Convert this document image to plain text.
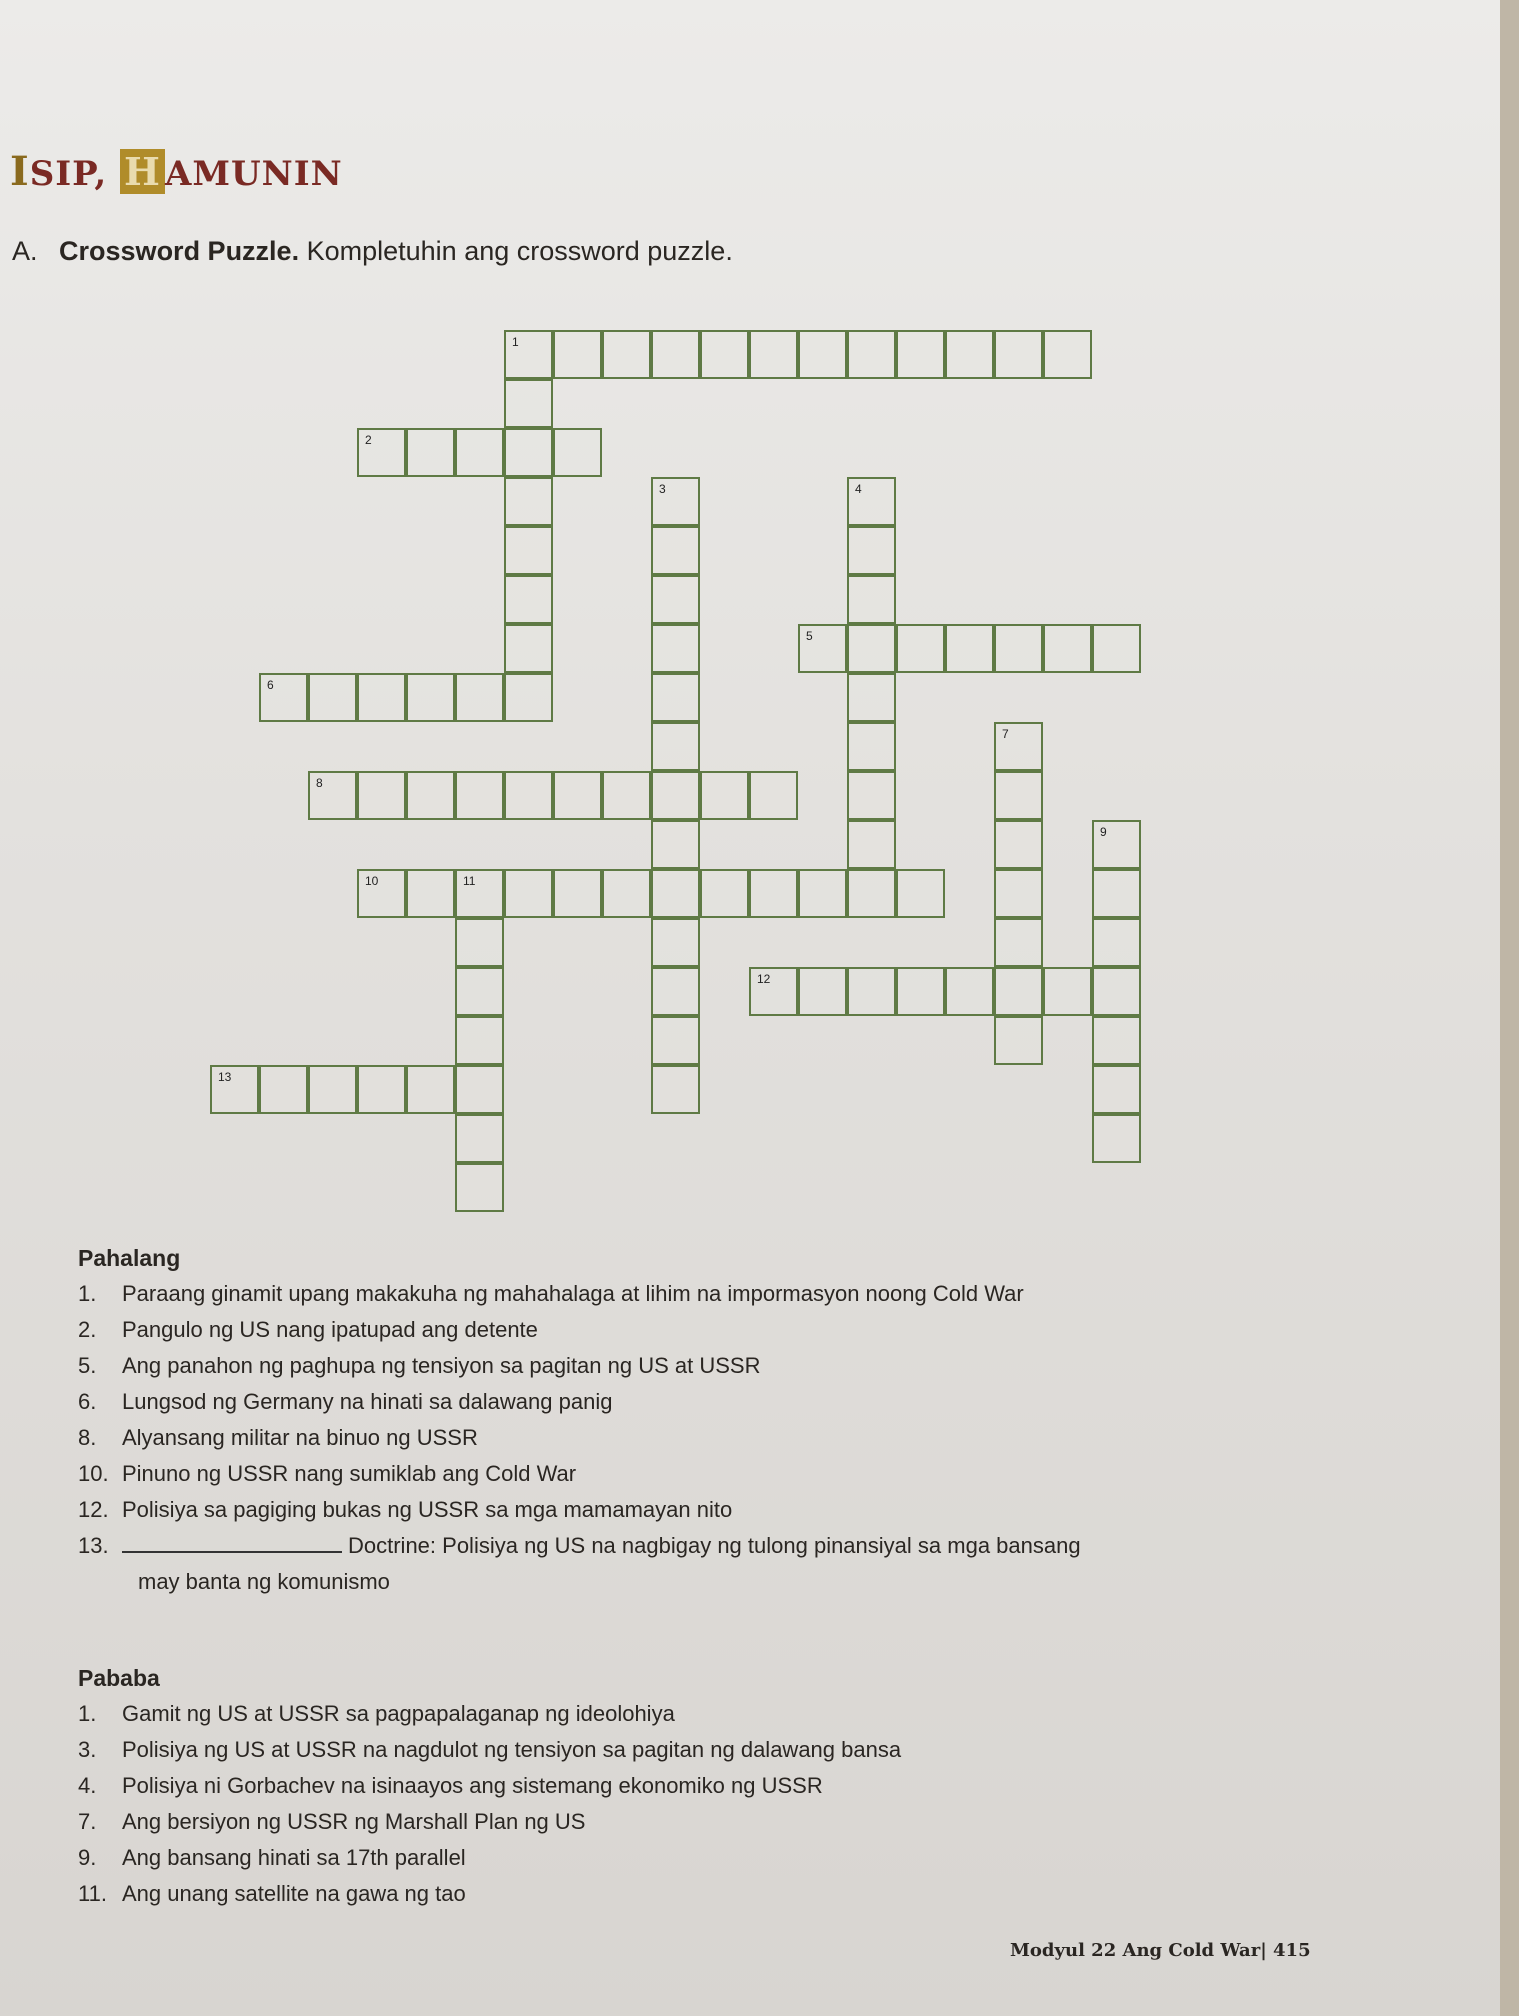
ISIP, H AMUNIN
A. Crossword Puzzle. Kompletuhin ang crossword puzzle.
1
2
3	4
5
6
7
8
9
10	11
12
13
Pahalang
1. Paraang ginamit upang makakuha ng mahahalaga at lihim na impormasyon noong Cold War
2. Pangulo ng US nang ipatupad ang detente
5. Ang panahon ng paghupa ng tensiyon sa pagitan ng US at USSR
6. Lungsod ng Germany na hinati sa dalawang panig
8. Alyansang militar na binuo ng USSR
10. Pinuno ng USSR nang sumiklab ang Cold War
12. Polisiya sa pagiging bukas ng USSR sa mga mamamayan nito
13.	Doctrine: Polisiya ng US na nagbigay ng tulong pinansiyal sa mga bansang
may banta ng komunismo
Pababa
1. Gamit ng US at USSR sa pagpapalaganap ng ideolohiya
3. Polisiya ng US at USSR na nagdulot ng tensiyon sa pagitan ng dalawang bansa
4. Polisiya ni Gorbachev na isinaayos ang sistemang ekonomiko ng USSR
7. Ang bersiyon ng USSR ng Marshall Plan ng US
9. Ang bansang hinati sa 17th parallel
11. Ang unang satellite na gawa ng tao
Modyul 22 Ang Cold War| 415
